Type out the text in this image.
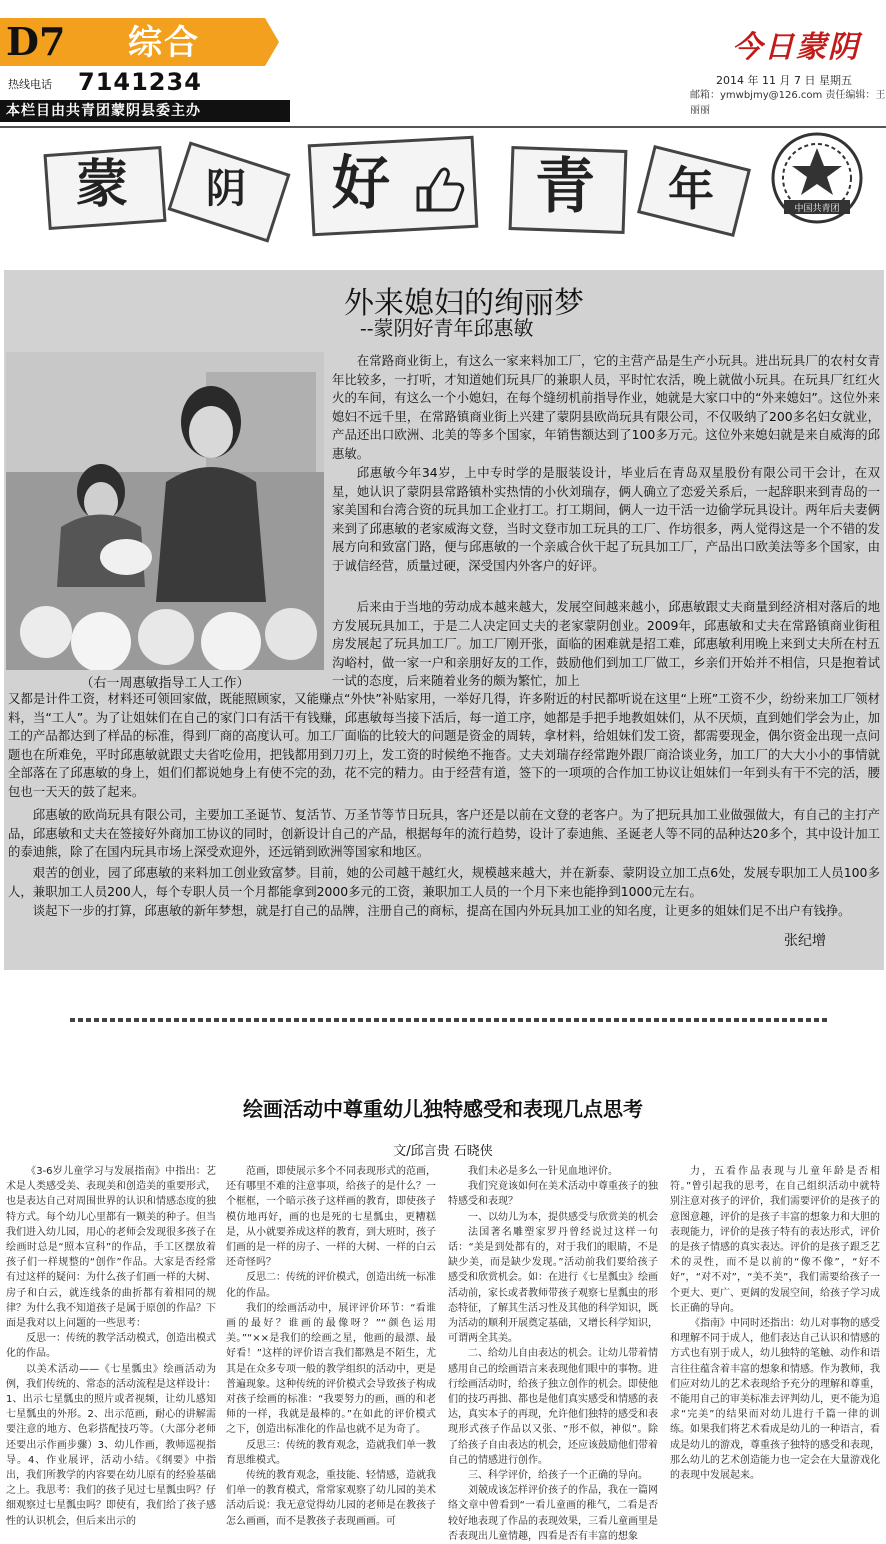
D7 综合
热线电话 7141234
本栏目由共青团蒙阴县委主办
今日蒙阴
2014 年 11 月 7 日 星期五
邮箱：ymwbjmy@126.com 责任编辑：王丽丽
蒙	阴	好	青	年	中国共青团
外来媳妇的绚丽梦
--蒙阴好青年邱惠敏
（右一周惠敏指导工人工作）

在常路商业街上，有这么一家来料加工厂，它的主营产品是生产小玩具。进出玩具厂的农村女青年比较多，一打听，才知道她们玩具厂的兼职人员，平时忙农活，晚上就做小玩具。在玩具厂红红火火的车间，有这么一个小媳妇，在每个缝纫机前指导作业，她就是大家口中的“外来媳妇”。这位外来媳妇不远千里，在常路镇商业街上兴建了蒙阴县欧尚玩具有限公司，不仅吸纳了200多名妇女就业，产品还出口欧洲、北美的等多个国家，年销售额达到了100多万元。这位外来媳妇就是来自威海的邱惠敏。

邱惠敏今年34岁，上中专时学的是服装设计，毕业后在青岛双星股份有限公司干会计，在双星，她认识了蒙阴县常路镇朴实热情的小伙刘瑞存，俩人确立了恋爱关系后，一起辞职来到青岛的一家美国和台湾合资的玩具加工企业打工。打工期间，俩人一边干活一边偷学玩具设计。两年后夫妻俩来到了邱惠敏的老家威海文登，当时文登市加工玩具的工厂、作坊很多，两人觉得这是一个不错的发展方向和致富门路，便与邱惠敏的一个亲戚合伙干起了玩具加工厂，产品出口欧美法等多个国家，由于诚信经营，质量过硬，深受国内外客户的好评。

后来由于当地的劳动成本越来越大，发展空间越来越小，邱惠敏跟丈夫商量到经济相对落后的地方发展玩具加工，于是二人决定回丈夫的老家蒙阴创业。2009年，邱惠敏和丈夫在常路镇商业街租房发展起了玩具加工厂。加工厂刚开张，面临的困难就是招工难，邱惠敏利用晚上来到丈夫所在村五沟峪村，做一家一户和亲朋好友的工作，鼓励他们到加工厂做工，乡亲们开始并不相信，只是抱着试一试的态度，后来随着业务的颇为繁忙，加上

又都是计件工资，材料还可领回家做，既能照顾家，又能赚点“外快”补贴家用，一举好几得，许多附近的村民都听说在这里“上班”工资不少，纷纷来加工厂领材料，当“工人”。为了让姐妹们在自己的家门口有活干有钱赚，邱惠敏每当接下活后，每一道工序，她都是手把手地教姐妹们，从不厌烦，直到她们学会为止，加工的产品都达到了样品的标准，得到厂商的高度认可。加工厂面临的比较大的问题是资金的周转，拿材料，给姐妹们发工资，都需要现金，偶尔资金出现一点问题也在所难免，平时邱惠敏就跟丈夫省吃俭用，把钱都用到刀刃上，发工资的时候绝不拖沓。丈夫刘瑞存经常跑外跟厂商洽谈业务，加工厂的大大小小的事情就全部落在了邱惠敏的身上，姐们们都说她身上有使不完的劲，花不完的精力。由于经营有道，签下的一项项的合作加工协议让姐妹们一年到头有干不完的活，腰包也一天天的鼓了起来。

邱惠敏的欧尚玩具有限公司，主要加工圣诞节、复活节、万圣节等节日玩具，客户还是以前在文登的老客户。为了把玩具加工业做强做大，有自己的主打产品，邱惠敏和丈夫在签接好外商加工协议的同时，创新设计自己的产品，根据每年的流行趋势，设计了泰迪熊、圣诞老人等不同的品种达20多个，其中设计加工的泰迪熊，除了在国内玩具市场上深受欢迎外，还远销到欧洲等国家和地区。

艰苦的创业，园了邱惠敏的来料加工创业致富梦。目前，她的公司越干越红火，规模越来越大，并在新泰、蒙阴设立加工点6处，发展专职加工人员100多人，兼职加工人员200人，每个专职人员一个月都能拿到2000多元的工资，兼职加工人员的一个月下来也能挣到1000元左右。

谈起下一步的打算，邱惠敏的新年梦想，就是打自己的品牌，注册自己的商标，提高在国内外玩具加工业的知名度，让更多的姐妹们足不出户有钱挣。

张纪增
绘画活动中尊重幼儿独特感受和表现几点思考
文/邱言贵 石晓侠

《3-6岁儿童学习与发展指南》中指出：艺术是人类感受美、表现美和创造美的重要形式，也是表达自己对周围世界的认识和情感态度的独特方式。每个幼儿心里都有一颗美的种子。但当我们进入幼儿园，用心的老师会发现很多孩子在绘画时总是“照本宣科”的作品，手工区摆放着孩子们一样规整的“创作”作品。大家是否经常有过这样的疑问：为什么孩子们画一样的大树、房子和白云，就连线条的曲折都有着相同的规律？为什么我不知道孩子是属于原创的作品？下面是我对以上问题的一些思考：

反思一：传统的教学活动模式，创造出模式化的作品。

以美术活动——《七星瓢虫》绘画活动为例，我们传统的、常态的活动流程是这样设计：1、出示七星瓢虫的照片或者视频，让幼儿感知七星瓢虫的外形。2、出示范画，耐心的讲解需要注意的地方、色彩搭配技巧等。（大部分老师还要出示作画步骤）3、幼儿作画，教师巡视指导。4、作业展评，活动小结。《纲要》中指出，我们所教学的内容要在幼儿原有的经验基础之上。我思考：我们的孩子见过七星瓢虫吗？仔细观察过七星瓢虫吗？即使有，我们给了孩子感性的认识机会，但后来出示的

范画，即使展示多个不同表现形式的范画，还有哪里不难的注意事项，给孩子的是什么？一个框框，一个暗示孩子这样画的教育，即使孩子模仿地再好，画的也是死的七星瓢虫，更糟糕是，从小就要养成这样的教育，到大班时，孩子们画的是一样的房子、一样的大树、一样的白云还奇怪吗？

反思二：传统的评价模式，创造出统一标准化的作品。

我们的绘画活动中，展评评价环节：“看谁画的最好？谁画的最像呀？”“颜色运用美。”“××是我们的绘画之星，他画的最漂、最好看！”这样的评价语言我们都熟是不陌生，尤其是在众多专项一般的教学组织的活动中，更是普遍现象。这种传统的评价模式会导致孩子构成对孩子绘画的标准：“我要努力的画，画的和老师的一样，我就是最棒的。”在如此的评价模式之下，创造出标准化的作品也就不足为奇了。

反思三：传统的教育观念，造就我们单一教育思维模式。

传统的教育观念，重技能、轻情感，造就我们单一的教育模式，常常家观察了幼儿园的美术活动后说：我无意觉得幼儿园的老师是在教孩子怎么画画，而不是教孩子表现画画。可

我们未必是多么一针见血地评价。

我们究竟该如何在美术活动中尊重孩子的独特感受和表现？

一、以幼儿为本，提供感受与欣赏美的机会

法国著名雕塑家罗丹曾经说过这样一句话：“美是到处都有的，对于我们的眼睛，不是缺少美，而是缺少发现。”活动前我们要给孩子感受和欣赏机会。如：在进行《七星瓢虫》绘画活动前，家长或者教师带孩子观察七星瓢虫的形态特征，了解其生活习性及其他的科学知识，既为活动的顺利开展奠定基础，又增长科学知识，可谓两全其美。

二、给幼儿自由表达的机会。让幼儿带着情感用自己的绘画语言来表现他们眼中的事物。进行绘画活动时，给孩子独立创作的机会。即使他们的技巧再拙、都也是他们真实感受和情感的表达，真实本子的再现，允许他们独特的感受和表现形式孩子作品以又张、“形不似，神似”。除了给孩子自由表达的机会，还应该鼓励他们带着自己的情感进行创作。

三、科学评价，给孩子一个正确的导向。

刘兢成该怎样评价孩子的作品，我在一篇网络文章中曾看到“一看儿童画的稚气，二看是否较好地表现了作品的表现效果，三看儿童画里是否表现出儿童情趣，四看是否有丰富的想象

力，五看作品表现与儿童年龄是否相符。”曾引起我的思考，在自己组织活动中就特别注意对孩子的评价，我们需要评价的是孩子的意图意趣，评价的是孩子丰富的想象力和大胆的表现能力，评价的是孩子特有的表达形式，评价的是孩子情感的真实表达。评价的是孩子跟乏艺术的灵性，而不是以前的“像不像”，“好不好”，“对不对”，“美不美”，我们需要给孩子一个更大、更广、更阔的发展空间，给孩子学习成长正确的导向。

《指南》中同时还指出：幼儿对事物的感受和理解不同于成人，他们表达自己认识和情感的方式也有别于成人，幼儿独特的笔触、动作和语言往往蕴含着丰富的想象和情感。作为教师，我们应对幼儿的艺术表现给予充分的理解和尊重，不能用自己的审美标准去评判幼儿，更不能为追求“完美”的结果而对幼儿进行千篇一律的训练。如果我们将艺术看成是幼儿的一种语言，看成是幼儿的游戏，尊重孩子独特的感受和表现，那么幼儿的艺术创造能力也一定会在大量游戏化的表现中发展起来。
